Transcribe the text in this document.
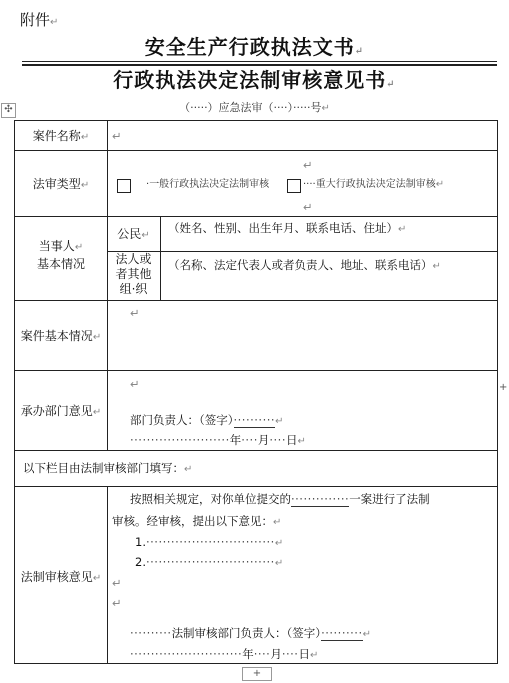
✣
附件↵
安全生产行政执法文书↵
行政执法决定法制审核意见书↵
（·····）应急法审（····）·····号↵
案件名称↵	↵
法审类型↵
↵
·一般行政执法决定法制审核	····重大行政执法决定法制审核↵
↵
当事人↵
基本情况
公民↵
（姓名、性别、出生年月、联系电话、住址）↵
法人或
者其他
组·织
（名称、法定代表人或者负责人、地址、联系电话）↵
案件基本情况↵
↵
承办部门意见↵
↵
部门负责人：（签字）··········↵
························年····月····日↵
以下栏目由法制审核部门填写：↵
法制审核意见↵
按照相关规定，对你单位提交的··············一案进行了法制
审核。经审核，提出以下意见：↵
1.·······························↵
2.·······························↵
↵
↵
··········法制审核部门负责人：（签字）··········↵
···························年····月····日↵
+
+
